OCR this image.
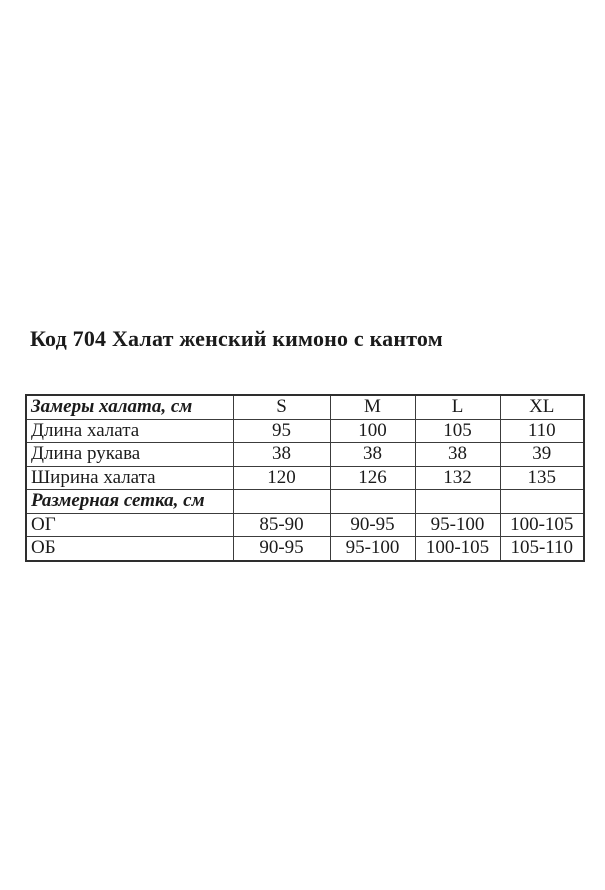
Код 704 Халат женский кимоно с кантом
Замеры халата, см	S	M	L	XL
Длина халата	95	100	105	110
Длина рукава	38	38	38	39
Ширина халата	120	126	132	135
Размерная сетка, см				
ОГ	85-90	90-95	95-100	100-105
ОБ	90-95	95-100	100-105	105-110
